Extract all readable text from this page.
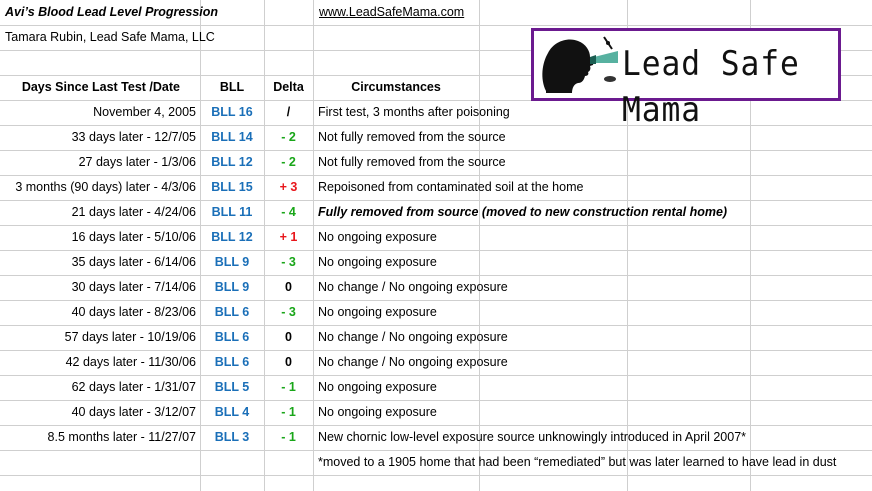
Avi’s Blood Lead Level Progression
Tamara Rubin, Lead Safe Mama, LLC
www.LeadSafeMama.com
Lead Safe Mama
Days Since Last Test /Date	BLL	Delta	Circumstances
November 4, 2005	BLL 16	/	First test, 3 months after poisoning
33 days later - 12/7/05	BLL 14	- 2	Not fully removed from the source
27 days later - 1/3/06	BLL 12	- 2	Not fully removed from the source
3 months (90 days) later - 4/3/06	BLL 15	+ 3	Repoisoned from contaminated soil at the home
21 days later - 4/24/06	BLL 11	- 4	Fully removed from source (moved to new construction rental home)
16 days later - 5/10/06	BLL 12	+ 1	No ongoing exposure
35 days later - 6/14/06	BLL 9	- 3	No ongoing exposure
30 days later - 7/14/06	BLL 9	0	No change / No ongoing exposure
40 days later - 8/23/06	BLL 6	- 3	No ongoing exposure
57 days later - 10/19/06	BLL 6	0	No change / No ongoing exposure
42 days later - 11/30/06	BLL 6	0	No change / No ongoing exposure
62 days later - 1/31/07	BLL 5	- 1	No ongoing exposure
40 days later - 3/12/07	BLL 4	- 1	No ongoing exposure
8.5 months later - 11/27/07	BLL 3	- 1	New chornic low-level exposure source unknowingly introduced in April 2007*
*moved to a 1905 home that had been “remediated” but was later learned to have lead in dust
